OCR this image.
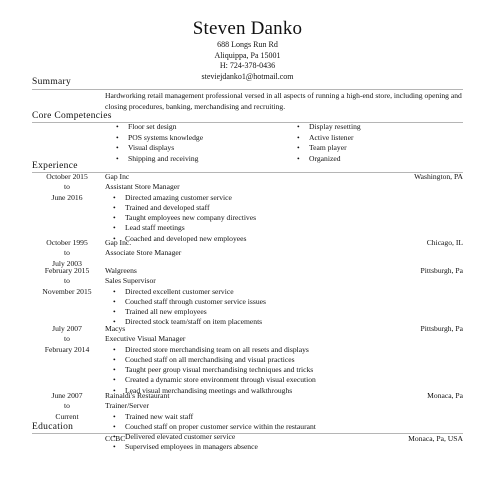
Steven Danko
688 Longs Run Rd
Aliquippa, Pa 15001
H: 724-378-0436
steviejdanko1@hotmail.com
Summary
Hardworking retail management professional versed in all aspects of running a high-end store, including opening and closing procedures, banking, merchandising and recruiting.
Core Competencies
• Floor set design
• POS systems knowledge
• Visual displays
• Shipping and receiving
• Display resetting
• Active listener
• Team player
• Organized
Experience
October 2015
to
June 2016
Gap Inc	Washington, PA
Assistant Store Manager
• Directed amazing customer service
• Trained and developed staff
• Taught employees new company directives
• Lead staff meetings
• Coached and developed new employees
October 1995
to
July 2003
Gap Inc.	Chicago, IL
Associate Store Manager
February 2015
to
November 2015
Walgreens	Pittsburgh, Pa
Sales Supervisor
• Directed excellent customer service
• Couched staff through customer service issues
• Trained all new employees
• Directed stock team/staff on item placements
July 2007
to
February 2014
Macys	Pittsburgh, Pa
Executive Visual Manager
• Directed store merchandising team on all resets and displays
• Couched staff on all merchandising and visual practices
• Taught peer group visual merchandising techniques and tricks
• Created a dynamic store environment through visual execution
• Lead visual merchandising meetings and walkthroughs
June 2007
to
Current
Rainaldi's Restaurant	Monaca, Pa
Trainer/Server
• Trained new wait staff
• Couched staff on proper customer service within the restaurant
• Delivered elevated customer service
• Supervised employees in managers absence
Education
CCBC	Monaca, Pa, USA
